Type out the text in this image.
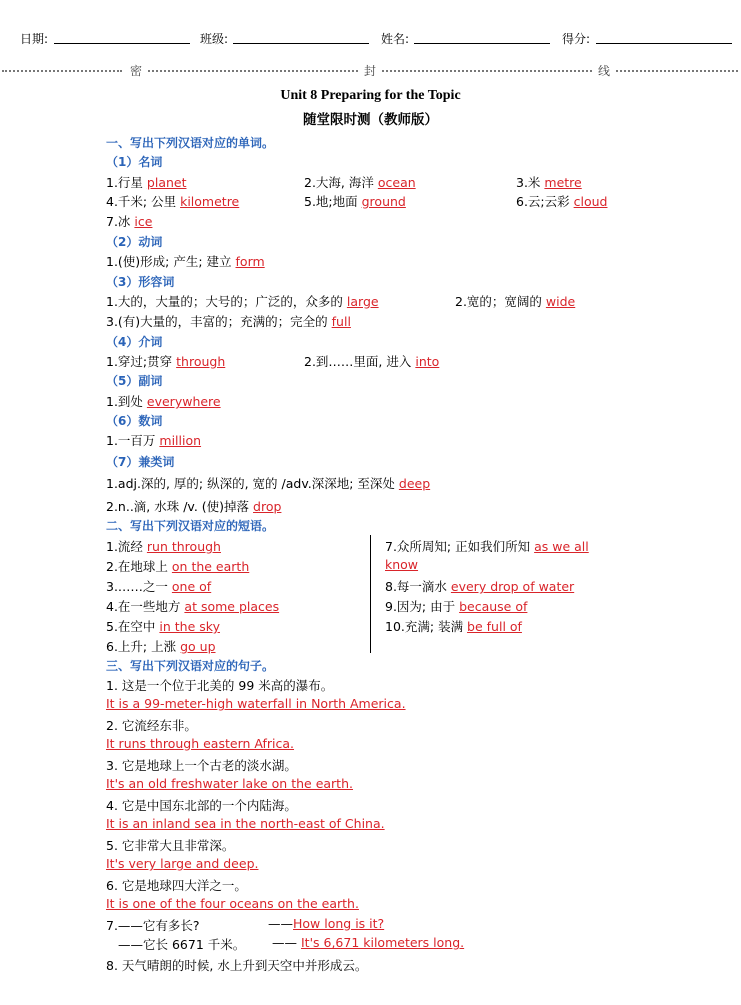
日期:	班级:	姓名:	得分:
密	封	线
Unit 8 Preparing for the Topic
随堂限时测（教师版）
一、写出下列汉语对应的单词。
（1）名词
1.行星 planet	2.大海, 海洋 ocean	3.米 metre
4.千米; 公里 kilometre	5.地;地面 ground	6.云;云彩 cloud
7.冰 ice
（2）动词
1.(使)形成; 产生; 建立 form
（3）形容词
1.大的，大量的；大号的；广泛的，众多的 large	2.宽的；宽阔的 wide
3.(有)大量的，丰富的；充满的；完全的 full
（4）介词
1.穿过;贯穿 through	2.到……里面, 进入 into
（5）副词
1.到处 everywhere
（6）数词
1.一百万 million
（7）兼类词
1.adj.深的, 厚的; 纵深的, 宽的 /adv.深深地; 至深处 deep
2.n..滴, 水珠 /v. (使)掉落 drop
二、写出下列汉语对应的短语。
1.流经 run through
2.在地球上 on the earth
3.……之一 one of
4.在一些地方 at some places
5.在空中 in the sky
6.上升; 上涨 go up
7.众所周知; 正如我们所知 as we all
know
8.每一滴水 every drop of water
9.因为; 由于 because of
10.充满; 装满 be full of
三、写出下列汉语对应的句子。
1. 这是一个位于北美的 99 米高的瀑布。
It is a 99-meter-high waterfall in North America.
2. 它流经东非。
It runs through eastern Africa.
3. 它是地球上一个古老的淡水湖。
It's an old freshwater lake on the earth.
4. 它是中国东北部的一个内陆海。
It is an inland sea in the north-east of China.
5. 它非常大且非常深。
It's very large and deep.
6. 它是地球四大洋之一。
It is one of the four oceans on the earth.
7.——它有多长?	——How long is it?
——它长 6671 千米。 —— It's 6,671 kilometers long.
8. 天气晴朗的时候, 水上升到天空中并形成云。
